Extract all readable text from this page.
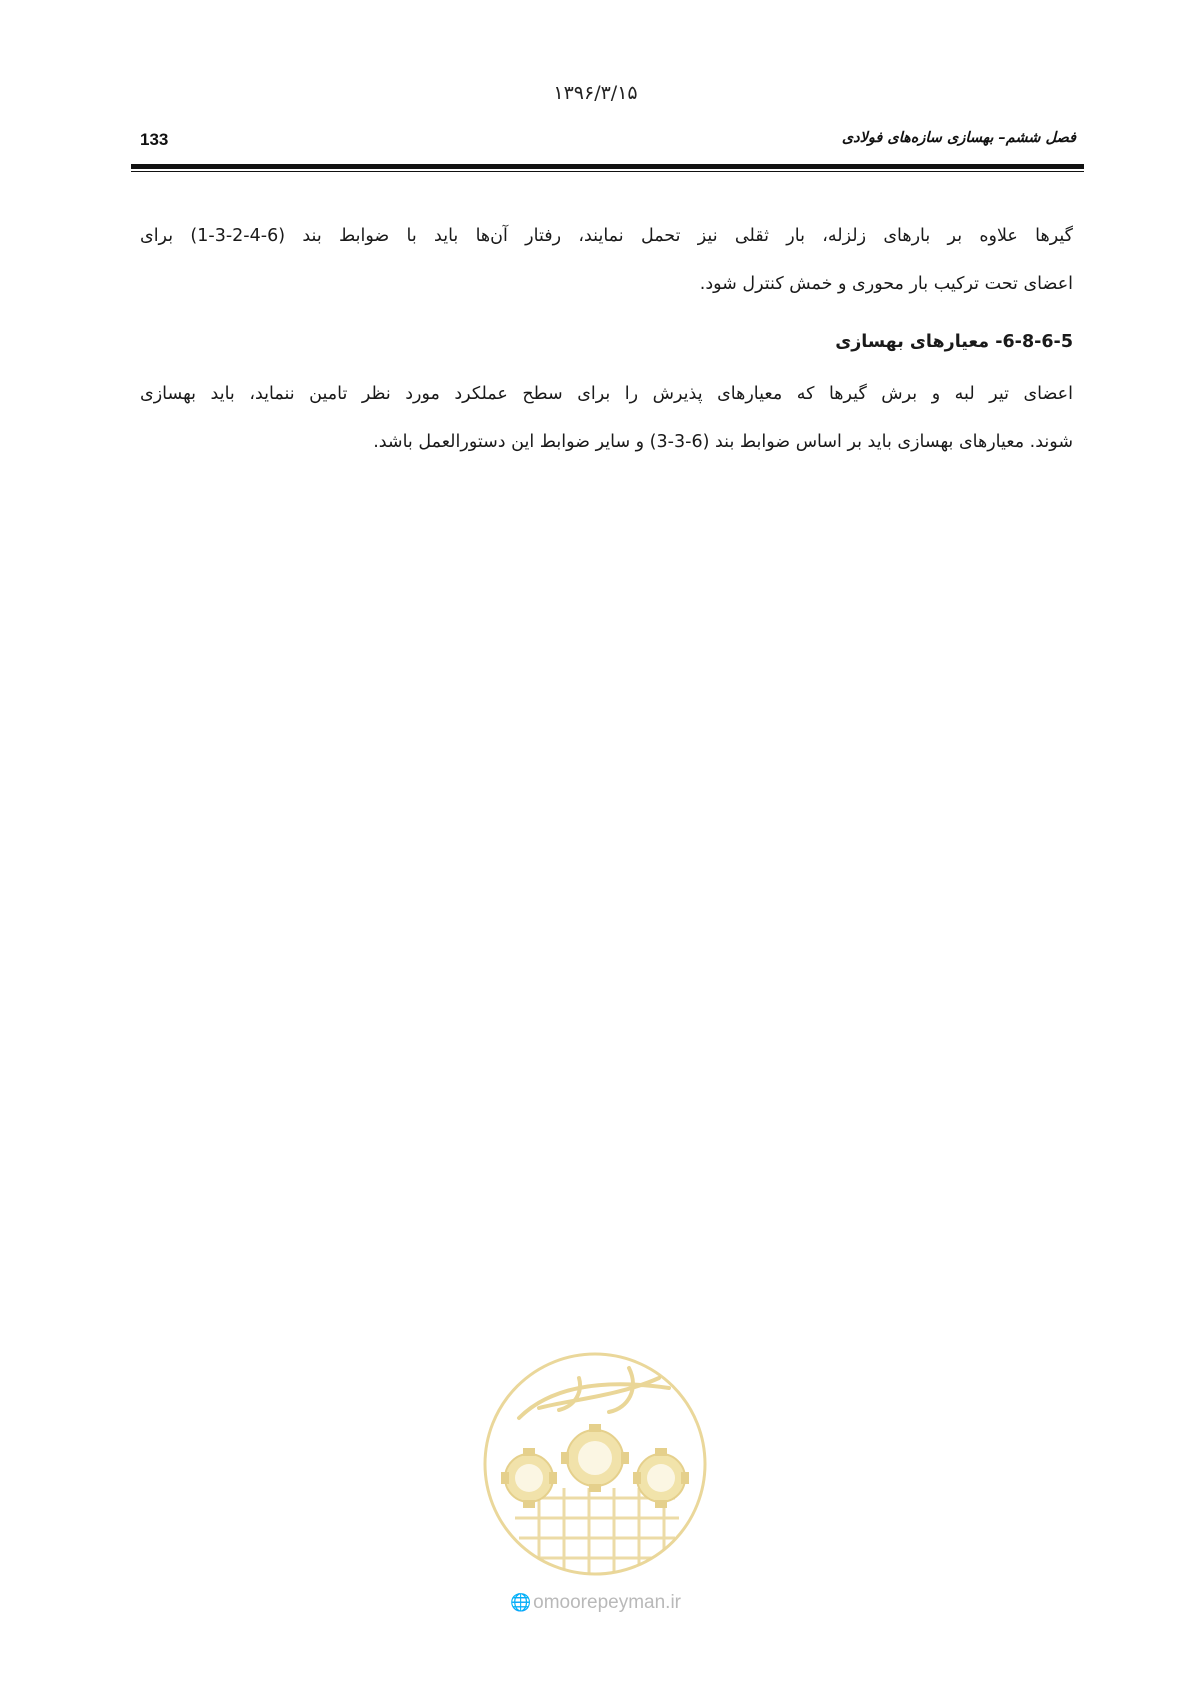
۱۳۹۶/۳/۱۵
133	فصل ششم– بهسازی سازه‌های فولادی
گیرها علاوه بر بارهای زلزله، بار ثقلی نیز تحمل نمایند، رفتار آن‌ها باید با ضوابط بند (6-4-2-3-1) برای
اعضای تحت ترکیب بار محوری و خمش کنترل شود.
6-8-6-5- معیارهای بهسازی
اعضای تیر لبه و برش گیرها که معیارهای پذیرش را برای سطح عملکرد مورد نظر تامین ننماید، باید بهسازی
شوند. معیارهای بهسازی باید بر اساس ضوابط بند (6-3-3) و سایر ضوابط این دستورالعمل باشد.
🌐 omoorepeyman.ir
